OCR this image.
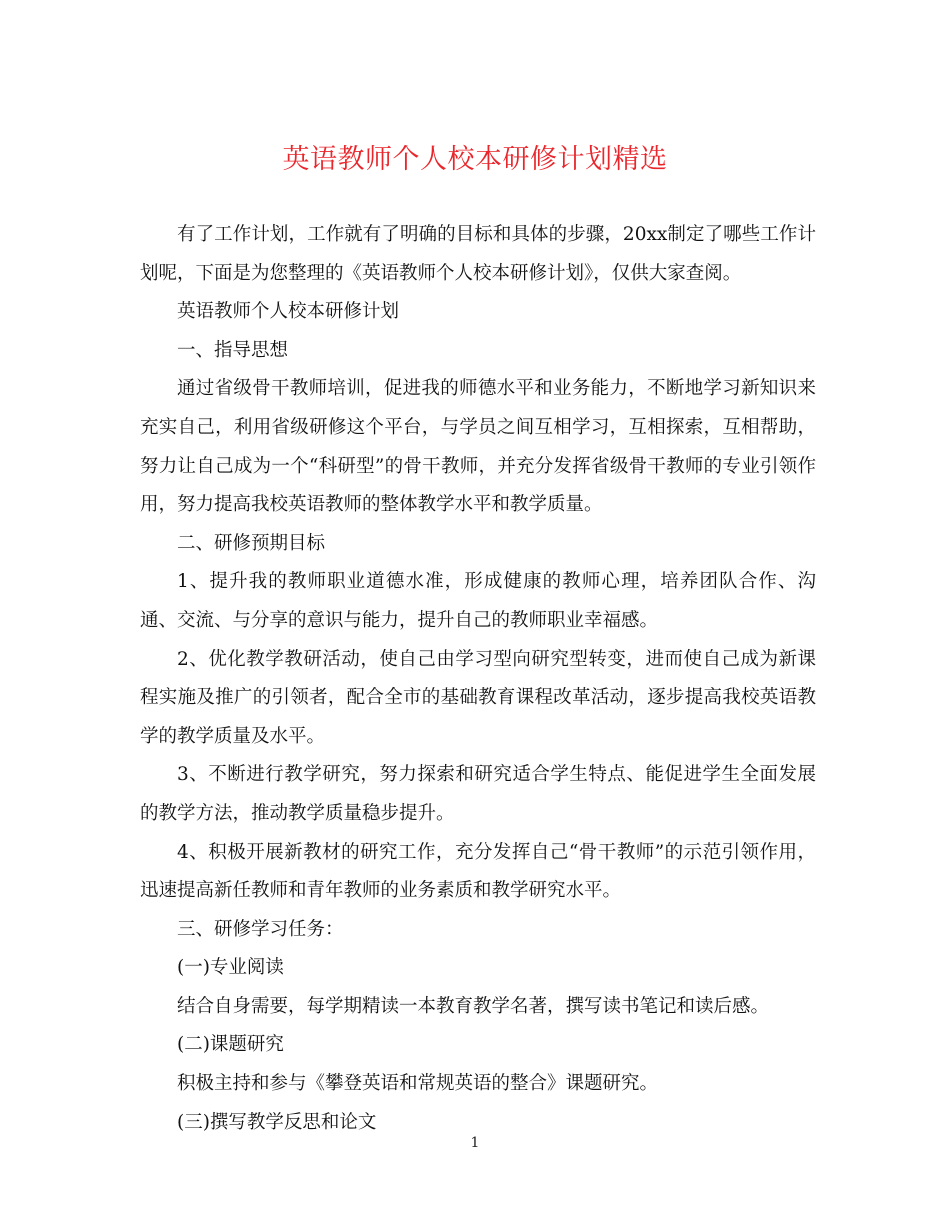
英语教师个人校本研修计划精选

有了工作计划，工作就有了明确的目标和具体的步骤，20xx制定了哪些工作计划呢，下面是为您整理的《英语教师个人校本研修计划》，仅供大家查阅。

英语教师个人校本研修计划

一、指导思想

通过省级骨干教师培训，促进我的师德水平和业务能力，不断地学习新知识来充实自己，利用省级研修这个平台，与学员之间互相学习，互相探索，互相帮助，努力让自己成为一个“科研型”的骨干教师，并充分发挥省级骨干教师的专业引领作用，努力提高我校英语教师的整体教学水平和教学质量。

二、研修预期目标

1、提升我的教师职业道德水准，形成健康的教师心理，培养团队合作、沟通、交流、与分享的意识与能力，提升自己的教师职业幸福感。

2、优化教学教研活动，使自己由学习型向研究型转变，进而使自己成为新课程实施及推广的引领者，配合全市的基础教育课程改革活动，逐步提高我校英语教学的教学质量及水平。

3、不断进行教学研究，努力探索和研究适合学生特点、能促进学生全面发展的教学方法，推动教学质量稳步提升。

4、积极开展新教材的研究工作，充分发挥自己“骨干教师”的示范引领作用，迅速提高新任教师和青年教师的业务素质和教学研究水平。

三、研修学习任务：

(一)专业阅读

结合自身需要，每学期精读一本教育教学名著，撰写读书笔记和读后感。

(二)课题研究

积极主持和参与《攀登英语和常规英语的整合》课题研究。

(三)撰写教学反思和论文

1
